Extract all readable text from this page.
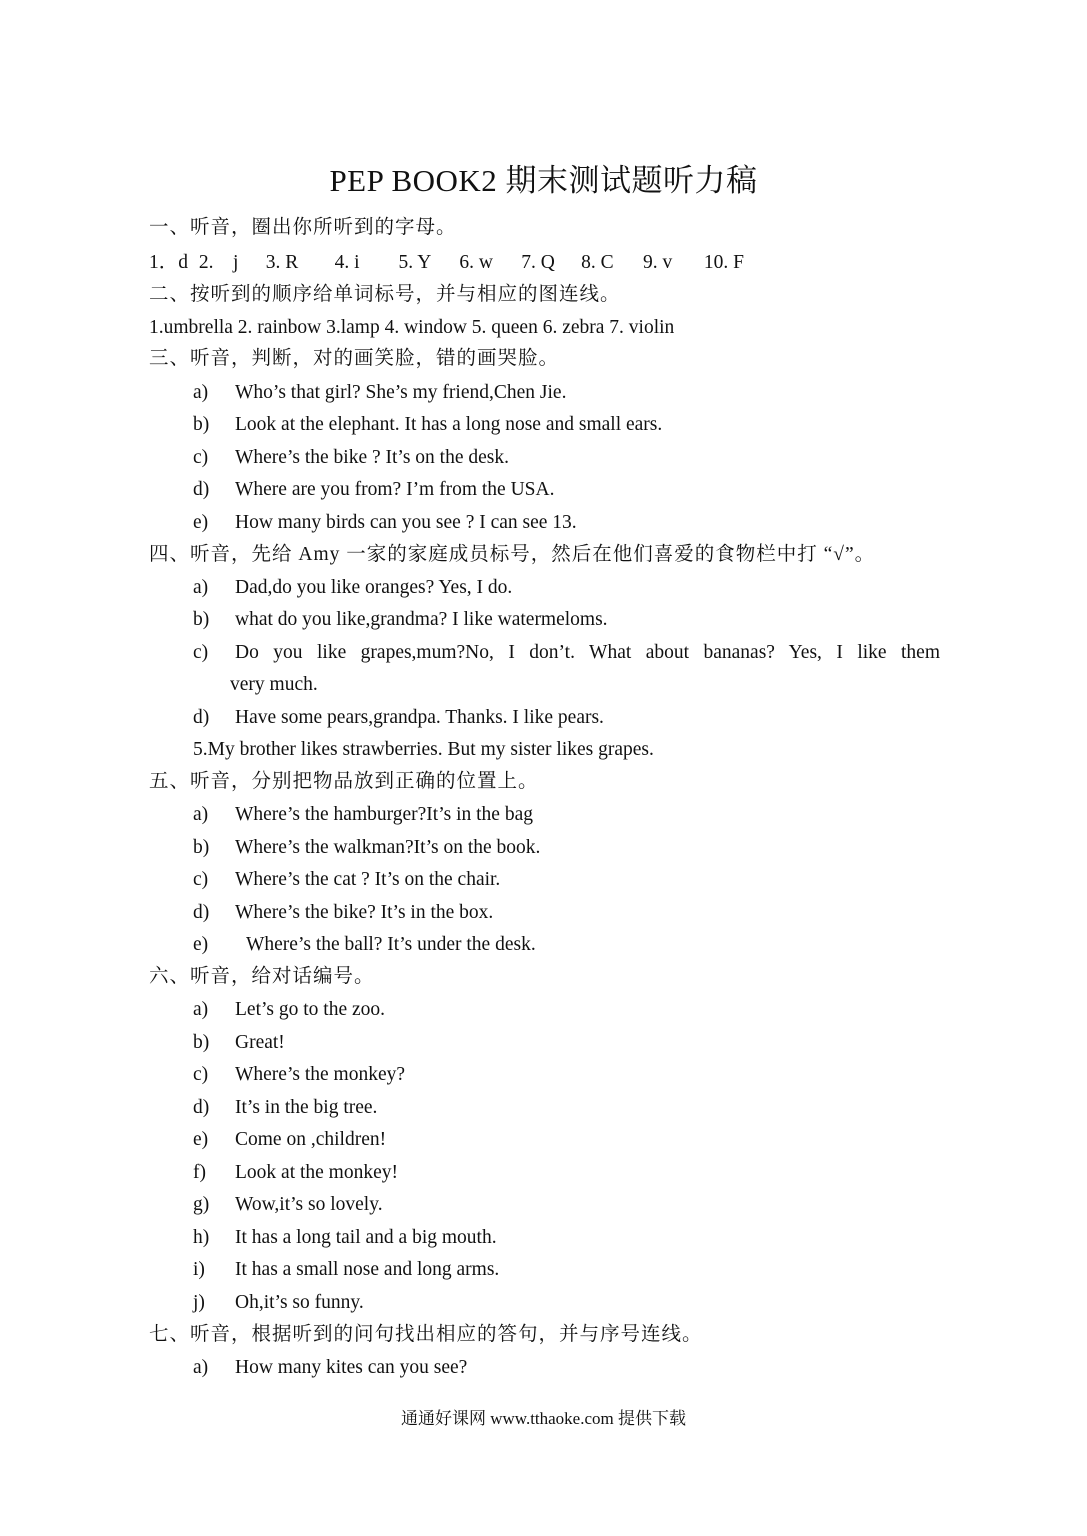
PEP BOOK2 期末测试题听力稿
一、听音，圈出你所听到的字母。
1．d 2.　j 3. R 4. i 5. Y 6. w 7. Q 8. C 9. v 10. F
二、按听到的顺序给单词标号，并与相应的图连线。
1.umbrella 2. rainbow 3.lamp 4. window 5. queen 6. zebra 7. violin
三、听音，判断，对的画笑脸，错的画哭脸。
a) Who’s that girl? She’s my friend,Chen Jie.
b) Look at the elephant. It has a long nose and small ears.
c) Where’s the bike ? It’s on the desk.
d) Where are you from? I’m from the USA.
e) How many birds can you see ? I can see 13.
四、听音，先给 Amy 一家的家庭成员标号，然后在他们喜爱的食物栏中打 “√”。
a) Dad,do you like oranges? Yes, I do.
b) what do you like,grandma? I like watermeloms.
c) Do you like grapes,mum?No, I don’t. What about bananas? Yes, I like them
very much.
d) Have some pears,grandpa. Thanks. I like pears.
5.My brother likes strawberries. But my sister likes grapes.
五、听音，分别把物品放到正确的位置上。
a) Where’s the hamburger?It’s in the bag
b) Where’s the walkman?It’s on the book.
c) Where’s the cat ? It’s on the chair.
d) Where’s the bike? It’s in the box.
e) Where’s the ball? It’s under the desk.
六、听音，给对话编号。
a) Let’s go to the zoo.
b) Great!
c) Where’s the monkey?
d) It’s in the big tree.
e) Come on ,children!
f) Look at the monkey!
g) Wow,it’s so lovely.
h) It has a long tail and a big mouth.
i) It has a small nose and long arms.
j) Oh,it’s so funny.
七、听音，根据听到的问句找出相应的答句，并与序号连线。
a) How many kites can you see?
通通好课网 www.tthaoke.com 提供下载
